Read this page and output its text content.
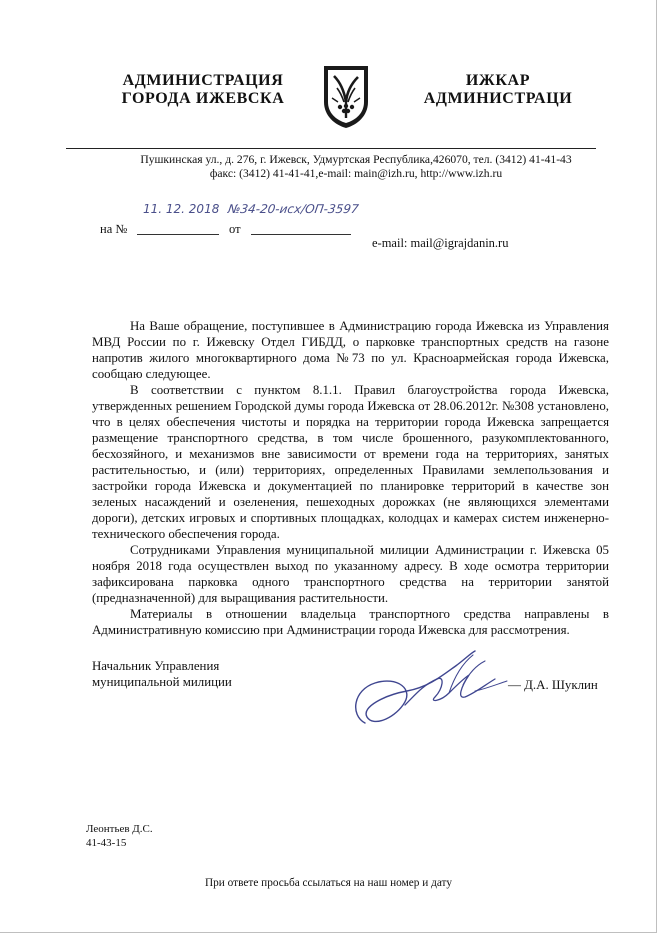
АДМИНИСТРАЦИЯ
ГОРОДА ИЖЕВСКА
ИЖКАР
АДМИНИСТРАЦИ
Пушкинская ул., д. 276, г. Ижевск, Удмуртская Республика,426070, тел. (3412) 41-41-43
факс: (3412) 41-41-41,e-mail: main@izh.ru, http://www.izh.ru
11. 12. 2018 №34-20-исх/ОП-3597
на №	от
e-mail: mail@igrajdanin.ru

На Ваше обращение, поступившее в Администрацию города Ижевска из Управления МВД России по г. Ижевску Отдел ГИБДД, о парковке транспортных средств на газоне напротив жилого многоквартирного дома №73 по ул. Красноармейская города Ижевска, сообщаю следующее.

В соответствии с пунктом 8.1.1. Правил благоустройства города Ижевска, утвержденных решением Городской думы города Ижевска от 28.06.2012г. №308 установлено, что в целях обеспечения чистоты и порядка на территории города Ижевска запрещается размещение транспортного средства, в том числе брошенного, разукомплектованного, бесхозяйного, и механизмов вне зависимости от времени года на территориях, занятых растительностью, и (или) территориях, определенных Правилами землепользования и застройки города Ижевска и документацией по планировке территорий в качестве зон зеленых насаждений и озеленения, пешеходных дорожках (не являющихся элементами дороги), детских игровых и спортивных площадках, колодцах и камерах систем инженерно-технического обеспечения города.

Сотрудниками Управления муниципальной милиции Администрации г. Ижевска 05 ноября 2018 года осуществлен выход по указанному адресу. В ходе осмотра территории зафиксирована парковка одного транспортного средства на территории занятой (предназначенной) для выращивания растительности.

Материалы в отношении владельца транспортного средства направлены в Административную комиссию при Администрации города Ижевска для рассмотрения.

Начальник Управления
муниципальной милиции	— Д.А. Шуклин
Леонтьев Д.С.
41-43-15
При ответе просьба ссылаться на наш номер и дату
